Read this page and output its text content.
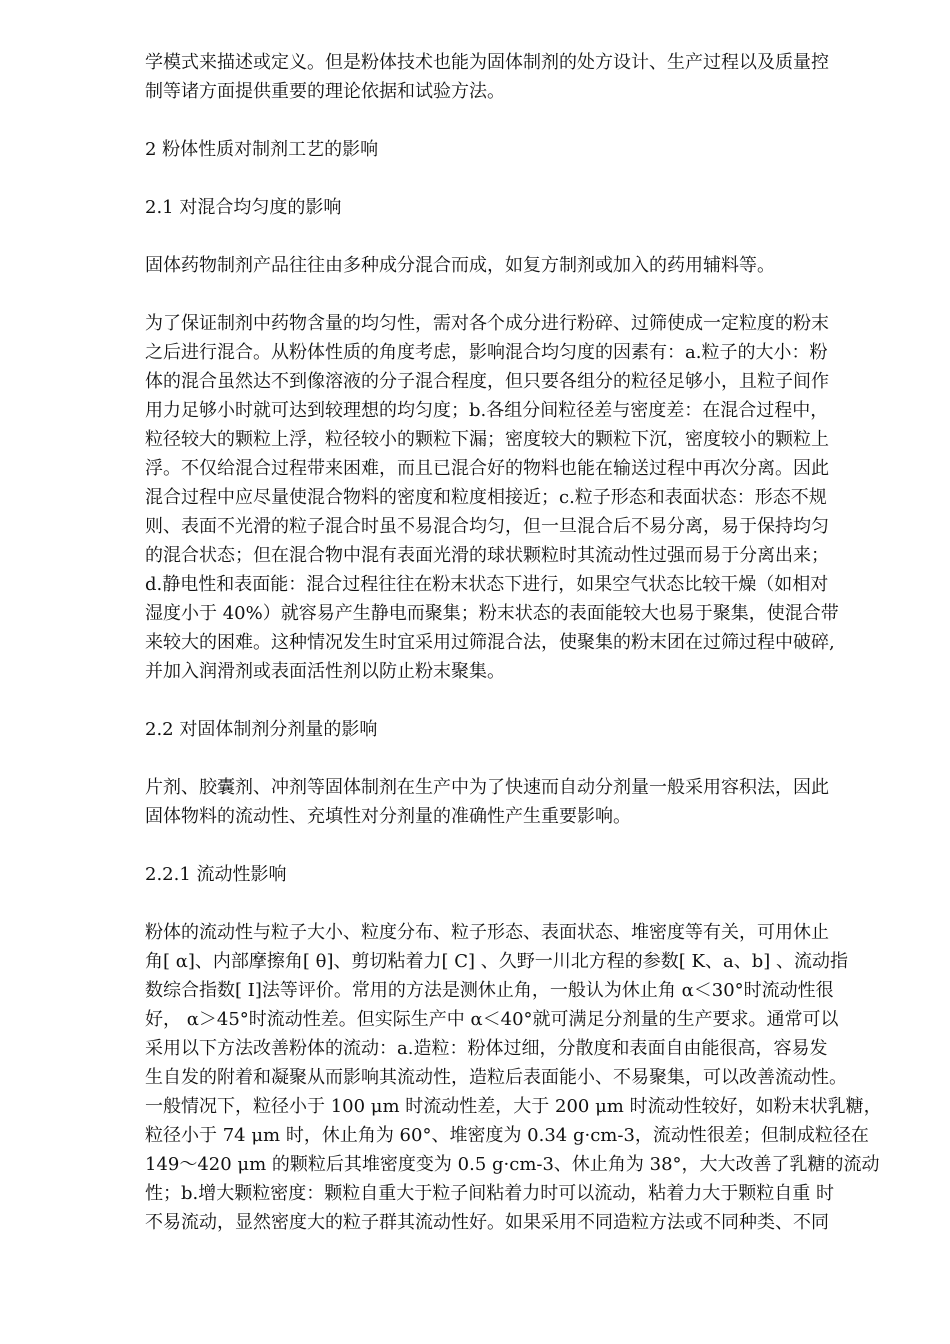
学模式来描述或定义。但是粉体技术也能为固体制剂的处方设计、生产过程以及质量控
制等诸方面提供重要的理论依据和试验方法。

2 粉体性质对制剂工艺的影响

2.1 对混合均匀度的影响

固体药物制剂产品往往由多种成分混合而成，如复方制剂或加入的药用辅料等。

为了保证制剂中药物含量的均匀性，需对各个成分进行粉碎、过筛使成一定粒度的粉末
之后进行混合。从粉体性质的角度考虑，影响混合均匀度的因素有：a.粒子的大小：粉
体的混合虽然达不到像溶液的分子混合程度，但只要各组分的粒径足够小，且粒子间作
用力足够小时就可达到较理想的均匀度；b.各组分间粒径差与密度差：在混合过程中，
粒径较大的颗粒上浮，粒径较小的颗粒下漏；密度较大的颗粒下沉，密度较小的颗粒上
浮。不仅给混合过程带来困难，而且已混合好的物料也能在输送过程中再次分离。因此
混合过程中应尽量使混合物料的密度和粒度相接近；c.粒子形态和表面状态：形态不规
则、表面不光滑的粒子混合时虽不易混合均匀，但一旦混合后不易分离，易于保持均匀
的混合状态；但在混合物中混有表面光滑的球状颗粒时其流动性过强而易于分离出来；
d.静电性和表面能：混合过程往往在粉末状态下进行，如果空气状态比较干燥（如相对
湿度小于 40%）就容易产生静电而聚集；粉末状态的表面能较大也易于聚集，使混合带
来较大的困难。这种情况发生时宜采用过筛混合法，使聚集的粉末团在过筛过程中破碎,
并加入润滑剂或表面活性剂以防止粉末聚集。

2.2 对固体制剂分剂量的影响

片剂、胶囊剂、冲剂等固体制剂在生产中为了快速而自动分剂量一般采用容积法，因此
固体物料的流动性、充填性对分剂量的准确性产生重要影响。

2.2.1 流动性影响

粉体的流动性与粒子大小、粒度分布、粒子形态、表面状态、堆密度等有关，可用休止
角[ α]、内部摩擦角[ θ]、剪切粘着力[ C] 、久野一川北方程的参数[ K、a、b] 、流动指
数综合指数[ I]法等评价。常用的方法是测休止角，一般认为休止角 α＜30°时流动性很
好， α＞45°时流动性差。但实际生产中 α＜40°就可满足分剂量的生产要求。通常可以
采用以下方法改善粉体的流动：a.造粒：粉体过细，分散度和表面自由能很高，容易发
生自发的附着和凝聚从而影响其流动性，造粒后表面能小、不易聚集，可以改善流动性。
一般情况下，粒径小于 100 μm 时流动性差，大于 200 μm 时流动性较好，如粉末状乳糖，
粒径小于 74 μm 时，休止角为 60°、堆密度为 0.34 g·cm-3，流动性很差；但制成粒径在
149～420 μm 的颗粒后其堆密度变为 0.5 g·cm-3、休止角为 38°，大大改善了乳糖的流动
性；b.增大颗粒密度：颗粒自重大于粒子间粘着力时可以流动，粘着力大于颗粒自重 时
不易流动，显然密度大的粒子群其流动性好。如果采用不同造粒方法或不同种类、不同
